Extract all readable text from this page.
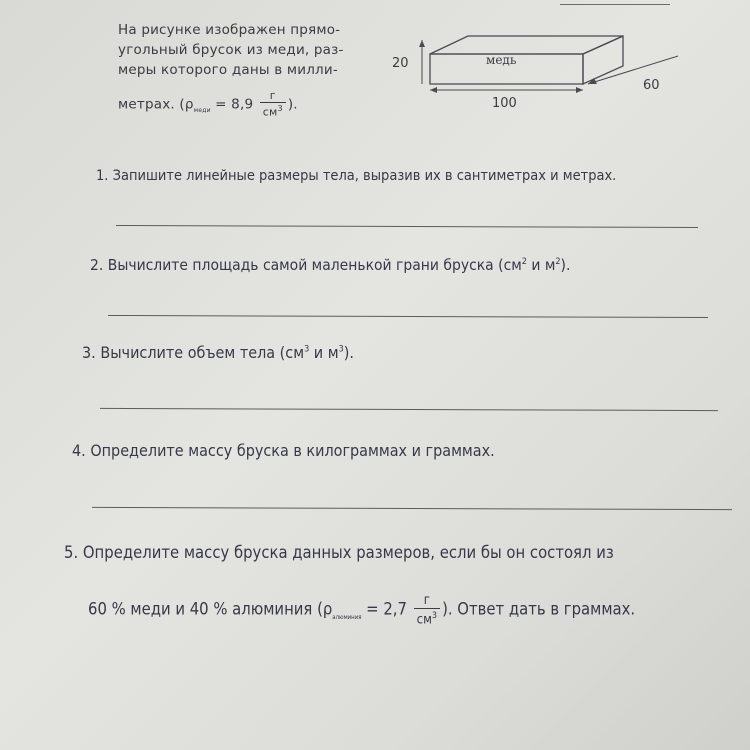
На рисунке изображен прямо-
угольный брусок из меди, раз-
меры которого даны в милли-
метрах. ($\rho_{меди} = 8,9 \frac{г}{см^3}$ ).
20
100
60
медь
1. Запишите линейные размеры тела, выразив их в сантиметрах и метрах.
2. Вычислите площадь самой маленькой грани бруска ($см^2$ и $м^2$).
3. Вычислите объем тела ($см^3$ и $м^3$).
4. Определите массу бруска в килограммах и граммах.
5. Определите массу бруска данных размеров, если бы он состоял из
60 % меди и 40 % алюминия ($\rho_{алюминия} = 2,7 \frac{г}{см^3}$ ). Ответ дать в граммах.
